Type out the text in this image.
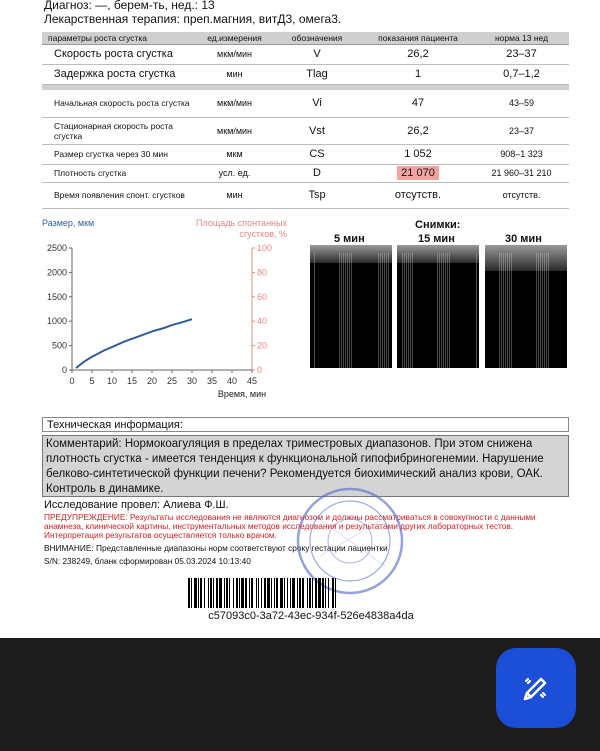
Диагноз: —, берем-ть, нед.: 13
Лекарственная терапия: преп.магния, витД3, омега3.
параметры роста сгустка	ед.измерения	обозначения	показания пациента	норма 13 нед
Скорость роста сгустка	мкм/мин	V	26,2	23–37
Задержка роста сгустка	мин	Tlag	1	0,7–1,2

Начальная скорость роста сгустка	мкм/мин	Vi	47	43–59
Стационарная скорость роста сгустка	мкм/мин	Vst	26,2	23–37
Размер сгустка через 30 мин	мкм	CS	1 052	908–1 323
Плотность сгустка	усл. ед.	D	21 070	21 960–31 210
Время появления спонт. сгустков	мин	Tsp	отсутств.	отсутств.
Размер, мкм	Площадь спонтанных
сгустков, %
0
500
1000
1500
2000
2500
0
20
40
60
80
100
0 5 10 15 20 25 30 35 40 45
Время, мин
Снимки:
5 мин	15 мин	30 мин
Техническая информация:
Комментарий: Нормокоагуляция в пределах триместровых диапазонов. При этом снижена плотность сгустка - имеется тенденция к функциональной гипофибриногенемии. Нарушение белково-синтетической функции печени? Рекомендуется биохимический анализ крови, ОАК. Контроль в динамике.
Исследование провел: Алиева Ф.Ш.
ПРЕДУПРЕЖДЕНИЕ: Результаты исследования не являются диагнозом и должны рассматриваться в совокупности с данными анамнеза, клинической картины, инструментальных методов исследования и результатами других лабораторных тестов. Интерпретация результатов осуществляется только врачом.
ВНИМАНИЕ: Представленные диапазоны норм соответствуют сроку гестации пациентки
S/N: 238249, бланк сформирован 05.03.2024 10:13:40
c57093c0-3a72-43ec-934f-526e4838a4da
